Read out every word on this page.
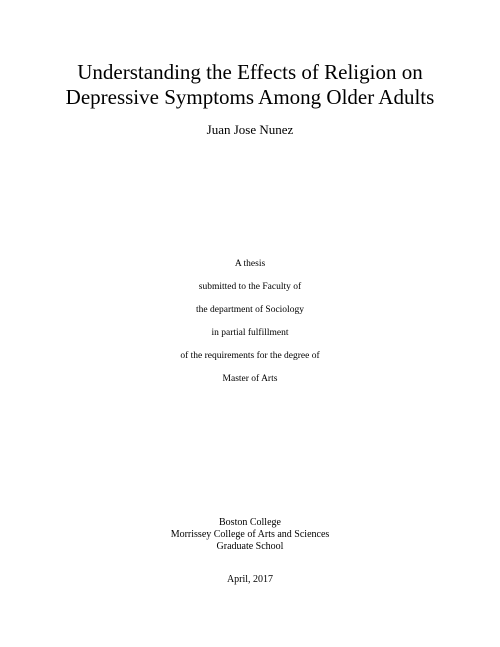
Understanding the Effects of Religion on
Depressive Symptoms Among Older Adults
Juan Jose Nunez
A thesis
submitted to the Faculty of
the department of Sociology
in partial fulfillment
of the requirements for the degree of
Master of Arts
Boston College
Morrissey College of Arts and Sciences
Graduate School
April, 2017
